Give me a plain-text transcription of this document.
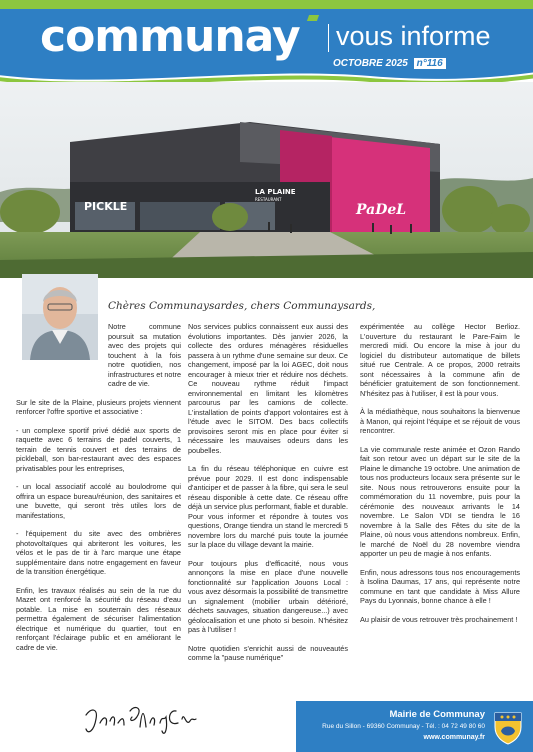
communay vous informe
OCTOBRE 2025 n°116
PICKLE
LA PLAINE
RESTAURANT
PaDeL
Chères Communaysardes, chers Communaysards,

Notre commune poursuit sa mutation avec des projets qui touchent à la fois notre quotidien, nos infrastructures et notre cadre de vie.

Sur le site de la Plaine, plusieurs projets viennent renforcer l'offre sportive et associative :

- un complexe sportif privé dédié aux sports de raquette avec 6 terrains de padel couverts, 1 terrain de tennis couvert et des terrains de pickleball, son bar-restaurant avec des espaces privatisables pour les entreprises,

- un local associatif accolé au boulodrome qui offrira un espace bureau/réunion, des sanitaires et une buvette, qui seront très utiles lors de manifestations,

- l'équipement du site avec des ombrières photovoltaïques qui abriteront les voitures, les vélos et le pas de tir à l'arc marque une étape supplémentaire dans notre engagement en faveur de la transition énergétique.

Enfin, les travaux réalisés au sein de la rue du Mazet ont renforcé la sécurité du réseau d'eau potable. La mise en souterrain des réseaux permettra également de sécuriser l'alimentation électrique et numérique du quartier, tout en renforçant l'éclairage public et en améliorant le cadre de vie.

Nos services publics connaissent eux aussi des évolutions importantes. Dès janvier 2026, la collecte des ordures ménagères résiduelles passera à un rythme d'une semaine sur deux. Ce changement, imposé par la loi AGEC, doit nous encourager à mieux trier et réduire nos déchets. Ce nouveau rythme réduit l'impact environnemental en limitant les kilomètres parcourus par les camions de collecte. L'installation de points d'apport volontaires est à l'étude avec le SITOM. Des bacs collectifs provisoires seront mis en place pour éviter si nécessaire les mauvaises odeurs dans les poubelles.

La fin du réseau téléphonique en cuivre est prévue pour 2029. Il est donc indispensable d'anticiper et de passer à la fibre, qui sera le seul réseau disponible à cette date. Ce réseau offre déjà un service plus performant, fiable et durable. Pour vous informer et répondre à toutes vos questions, Orange tiendra un stand le mercredi 5 novembre lors du marché puis toute la journée sur la place du village devant la mairie.

Pour toujours plus d'efficacité, nous vous annonçons la mise en place d'une nouvelle fonctionnalité sur l'application Jouons Local : vous avez désormais la possibilité de transmettre un signalement (mobilier urbain détérioré, déchets sauvages, situation dangereuse...) avec géolocalisation et une photo si besoin. N'hésitez pas à l'utiliser !

Notre quotidien s'enrichit aussi de nouveautés comme la "pause numérique"

expérimentée au collège Hector Berlioz. L'ouverture du restaurant le Pare-Faim le mercredi midi. Ou encore la mise à jour du logiciel du distributeur automatique de billets situé rue Centrale. A ce propos, 2000 retraits sont nécessaires à la commune afin de bénéficier gratuitement de son fonctionnement. N'hésitez pas à l'utiliser, il est là pour vous.

À la médiathèque, nous souhaitons la bienvenue à Manon, qui rejoint l'équipe et se réjouit de vous rencontrer.

La vie communale reste animée et Ozon Rando fait son retour avec un départ sur le site de la Plaine le dimanche 19 octobre. Une animation de tous nos producteurs locaux sera présente sur le site. Nous nous retrouverons ensuite pour la commémoration du 11 novembre, puis pour la cérémonie des nouveaux arrivants le 14 novembre. Le Salon VDI se tiendra le 16 novembre à la Salle des Fêtes du site de la Plaine, où nous vous attendons nombreux. Enfin, le marché de Noël du 28 novembre viendra apporter un peu de magie à nos enfants.

Enfin, nous adressons tous nos encouragements à Isolina Daumas, 17 ans, qui représente notre commune en tant que candidate à Miss Allure Pays du Lyonnais, bonne chance à elle !

Au plaisir de vous retrouver très prochainement !

Mairie de Communay
Rue du Sillon - 69360 Communay - Tél. : 04 72 49 80 60
www.communay.fr
